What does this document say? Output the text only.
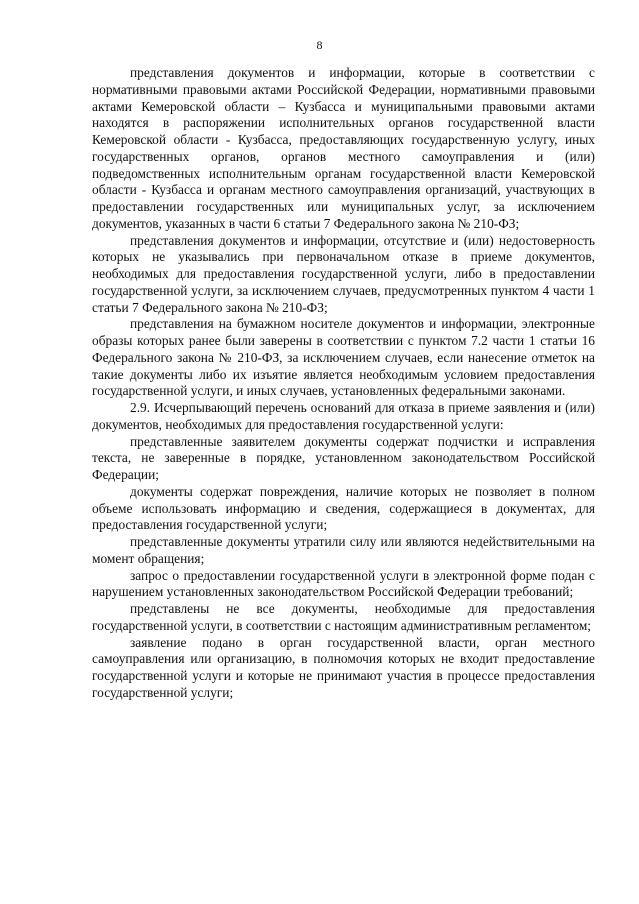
8

представления документов и информации, которые в соответствии с нормативными правовыми актами Российской Федерации, нормативными правовыми актами Кемеровской области – Кузбасса и муниципальными правовыми актами находятся в распоряжении исполнительных органов государственной власти Кемеровской области - Кузбасса, предоставляющих государственную услугу, иных государственных органов, органов местного самоуправления и (или) подведомственных исполнительным органам государственной власти Кемеровской области - Кузбасса и органам местного самоуправления организаций, участвующих в предоставлении государственных или муниципальных услуг, за исключением документов, указанных в части 6 статьи 7 Федерального закона № 210-ФЗ;

представления документов и информации, отсутствие и (или) недостоверность которых не указывались при первоначальном отказе в приеме документов, необходимых для предоставления государственной услуги, либо в предоставлении государственной услуги, за исключением случаев, предусмотренных пунктом 4 части 1 статьи 7 Федерального закона № 210-ФЗ;

представления на бумажном носителе документов и информации, электронные образы которых ранее были заверены в соответствии с пунктом 7.2 части 1 статьи 16 Федерального закона № 210-ФЗ, за исключением случаев, если нанесение отметок на такие документы либо их изъятие является необходимым условием предоставления государственной услуги, и иных случаев, установленных федеральными законами.

2.9. Исчерпывающий перечень оснований для отказа в приеме заявления и (или) документов, необходимых для предоставления государственной услуги:

представленные заявителем документы содержат подчистки и исправления текста, не заверенные в порядке, установленном законодательством Российской Федерации;

документы содержат повреждения, наличие которых не позволяет в полном объеме использовать информацию и сведения, содержащиеся в документах, для предоставления государственной услуги;

представленные документы утратили силу или являются недействительными на момент обращения;

запрос о предоставлении государственной услуги в электронной форме подан с нарушением установленных законодательством Российской Федерации требований;

представлены не все документы, необходимые для предоставления государственной услуги, в соответствии с настоящим административным регламентом;

заявление подано в орган государственной власти, орган местного самоуправления или организацию, в полномочия которых не входит предоставление государственной услуги и которые не принимают участия в процессе предоставления государственной услуги;
